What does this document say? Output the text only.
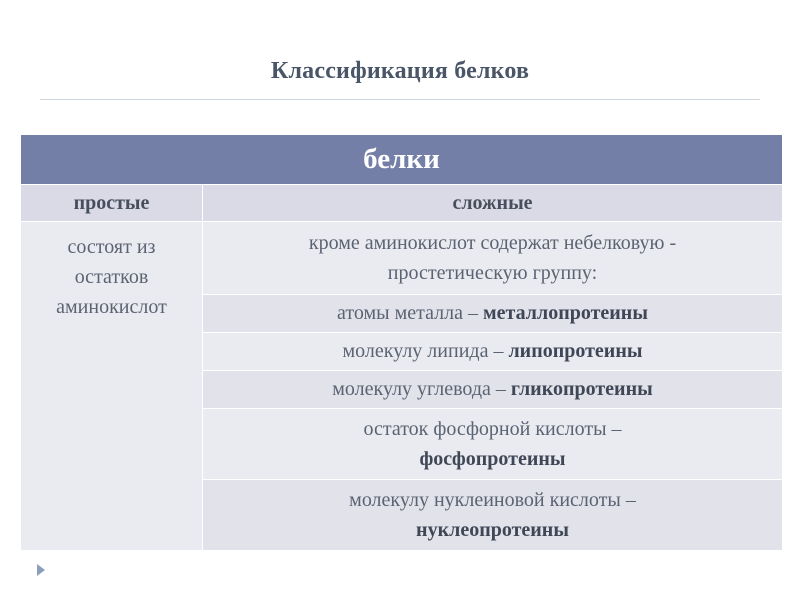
Классификация белков
белки	
простые	сложные
состоят из
остатков
аминокислот	кроме аминокислот содержат небелковую -
простетическую группу:
	атомы металла – металлопротеины
	молекулу липида – липопротеины
	молекулу углевода – гликопротеины
	остаток фосфорной кислоты –
фосфопротеины
	молекулу нуклеиновой кислоты –
нуклеопротеины
